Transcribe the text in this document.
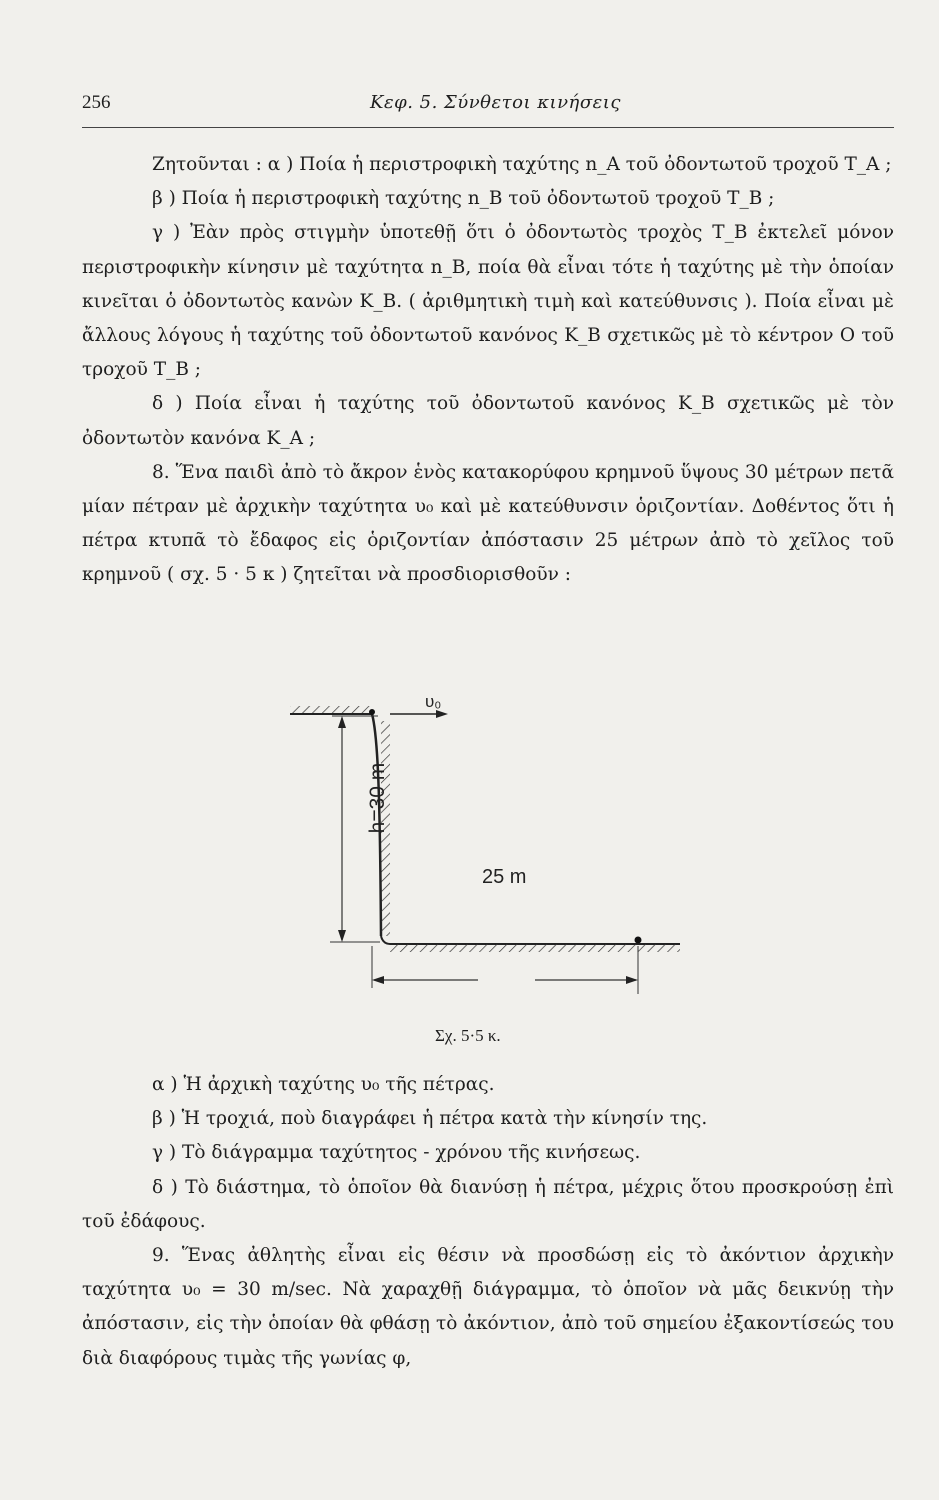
256	Κεφ. 5. Σύνθετοι κινήσεις

Ζητοῦνται : α ) Ποία ἡ περιστροφικὴ ταχύτης n_A τοῦ ὀδοντωτοῦ τροχοῦ T_A ;

β ) Ποία ἡ περιστροφικὴ ταχύτης n_B τοῦ ὀδοντωτοῦ τροχοῦ T_B ;

γ ) Ἐὰν πρὸς στιγμὴν ὑποτεθῇ ὅτι ὁ ὀδοντωτὸς τροχὸς T_B ἐκτελεῖ μόνον περιστροφικὴν κίνησιν μὲ ταχύτητα n_B, ποία θὰ εἶναι τότε ἡ ταχύτης μὲ τὴν ὁποίαν κινεῖται ὁ ὀδοντωτὸς κανὼν K_B. ( ἀριθμητικὴ τιμὴ καὶ κατεύθυνσις ). Ποία εἶναι μὲ ἄλλους λόγους ἡ ταχύτης τοῦ ὀδοντωτοῦ κανόνος K_B σχετικῶς μὲ τὸ κέντρον O τοῦ τροχοῦ T_B ;

δ ) Ποία εἶναι ἡ ταχύτης τοῦ ὀδοντωτοῦ κανόνος K_B σχετικῶς μὲ τὸν ὀδοντωτὸν κανόνα K_A ;

8. Ἕνα παιδὶ ἀπὸ τὸ ἄκρον ἑνὸς κατακορύφου κρημνοῦ ὕψους 30 μέτρων πετᾶ μίαν πέτραν μὲ ἀρχικὴν ταχύτητα υ₀ καὶ μὲ κατεύθυνσιν ὁριζοντίαν. Δοθέντος ὅτι ἡ πέτρα κτυπᾶ τὸ ἔδαφος εἰς ὁριζοντίαν ἀπόστασιν 25 μέτρων ἀπὸ τὸ χεῖλος τοῦ κρημνοῦ ( σχ. 5 · 5 κ ) ζητεῖται νὰ προσδιορισθοῦν :

υ₀
h=30 m
25 m
Σχ. 5·5 κ.

α ) Ἡ ἀρχικὴ ταχύτης υ₀ τῆς πέτρας.

β ) Ἡ τροχιά, ποὺ διαγράφει ἡ πέτρα κατὰ τὴν κίνησίν της.

γ ) Τὸ διάγραμμα ταχύτητος - χρόνου τῆς κινήσεως.

δ ) Τὸ διάστημα, τὸ ὁποῖον θὰ διανύσῃ ἡ πέτρα, μέχρις ὅτου προσκρούσῃ ἐπὶ τοῦ ἐδάφους.

9. Ἕνας ἀθλητὴς εἶναι εἰς θέσιν νὰ προσδώσῃ εἰς τὸ ἀκόντιον ἀρχικὴν ταχύτητα υ₀ = 30 m/sec. Νὰ χαραχθῇ διάγραμμα, τὸ ὁποῖον νὰ μᾶς δεικνύῃ τὴν ἀπόστασιν, εἰς τὴν ὁποίαν θὰ φθάσῃ τὸ ἀκόντιον, ἀπὸ τοῦ σημείου ἐξακοντίσεώς του διὰ διαφόρους τιμὰς τῆς γωνίας φ,
